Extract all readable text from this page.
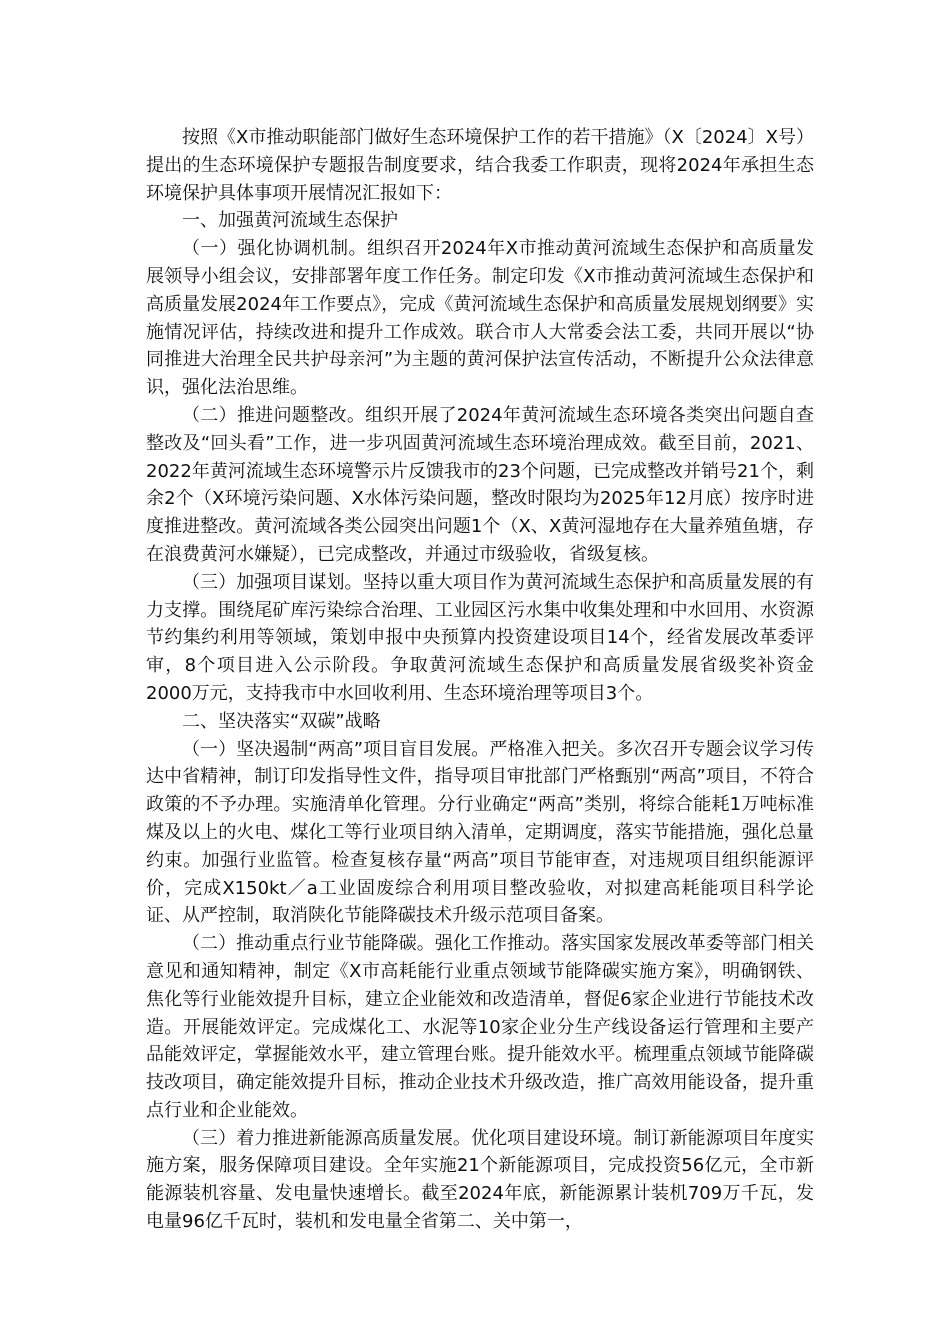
按照《X市推动职能部门做好生态环境保护工作的若干措施》（X〔2024〕X号）提出的生态环境保护专题报告制度要求，结合我委工作职责，现将2024年承担生态环境保护具体事项开展情况汇报如下：

一、加强黄河流域生态保护

（一）强化协调机制。组织召开2024年X市推动黄河流域生态保护和高质量发展领导小组会议，安排部署年度工作任务。制定印发《X市推动黄河流域生态保护和高质量发展2024年工作要点》，完成《黄河流域生态保护和高质量发展规划纲要》实施情况评估，持续改进和提升工作成效。联合市人大常委会法工委，共同开展以“协同推进大治理全民共护母亲河”为主题的黄河保护法宣传活动，不断提升公众法律意识，强化法治思维。

（二）推进问题整改。组织开展了2024年黄河流域生态环境各类突出问题自查整改及“回头看”工作，进一步巩固黄河流域生态环境治理成效。截至目前，2021、2022年黄河流域生态环境警示片反馈我市的23个问题，已完成整改并销号21个，剩余2个（X环境污染问题、X水体污染问题，整改时限均为2025年12月底）按序时进度推进整改。黄河流域各类公园突出问题1个（X、X黄河湿地存在大量养殖鱼塘，存在浪费黄河水嫌疑），已完成整改，并通过市级验收，省级复核。

（三）加强项目谋划。坚持以重大项目作为黄河流域生态保护和高质量发展的有力支撑。围绕尾矿库污染综合治理、工业园区污水集中收集处理和中水回用、水资源节约集约利用等领域，策划申报中央预算内投资建设项目14个，经省发展改革委评审，8个项目进入公示阶段。争取黄河流域生态保护和高质量发展省级奖补资金2000万元，支持我市中水回收利用、生态环境治理等项目3个。

二、坚决落实“双碳”战略

（一）坚决遏制“两高”项目盲目发展。严格准入把关。多次召开专题会议学习传达中省精神，制订印发指导性文件，指导项目审批部门严格甄别“两高”项目，不符合政策的不予办理。实施清单化管理。分行业确定“两高”类别，将综合能耗1万吨标准煤及以上的火电、煤化工等行业项目纳入清单，定期调度，落实节能措施，强化总量约束。加强行业监管。检查复核存量“两高”项目节能审查，对违规项目组织能源评价，完成X150kt／a工业固废综合利用项目整改验收，对拟建高耗能项目科学论证、从严控制，取消陕化节能降碳技术升级示范项目备案。

（二）推动重点行业节能降碳。强化工作推动。落实国家发展改革委等部门相关意见和通知精神，制定《X市高耗能行业重点领域节能降碳实施方案》，明确钢铁、焦化等行业能效提升目标，建立企业能效和改造清单，督促6家企业进行节能技术改造。开展能效评定。完成煤化工、水泥等10家企业分生产线设备运行管理和主要产品能效评定，掌握能效水平，建立管理台账。提升能效水平。梳理重点领域节能降碳技改项目，确定能效提升目标，推动企业技术升级改造，推广高效用能设备，提升重点行业和企业能效。

（三）着力推进新能源高质量发展。优化项目建设环境。制订新能源项目年度实施方案，服务保障项目建设。全年实施21个新能源项目，完成投资56亿元，全市新能源装机容量、发电量快速增长。截至2024年底，新能源累计装机709万千瓦，发电量96亿千瓦时，装机和发电量全省第二、关中第一，
